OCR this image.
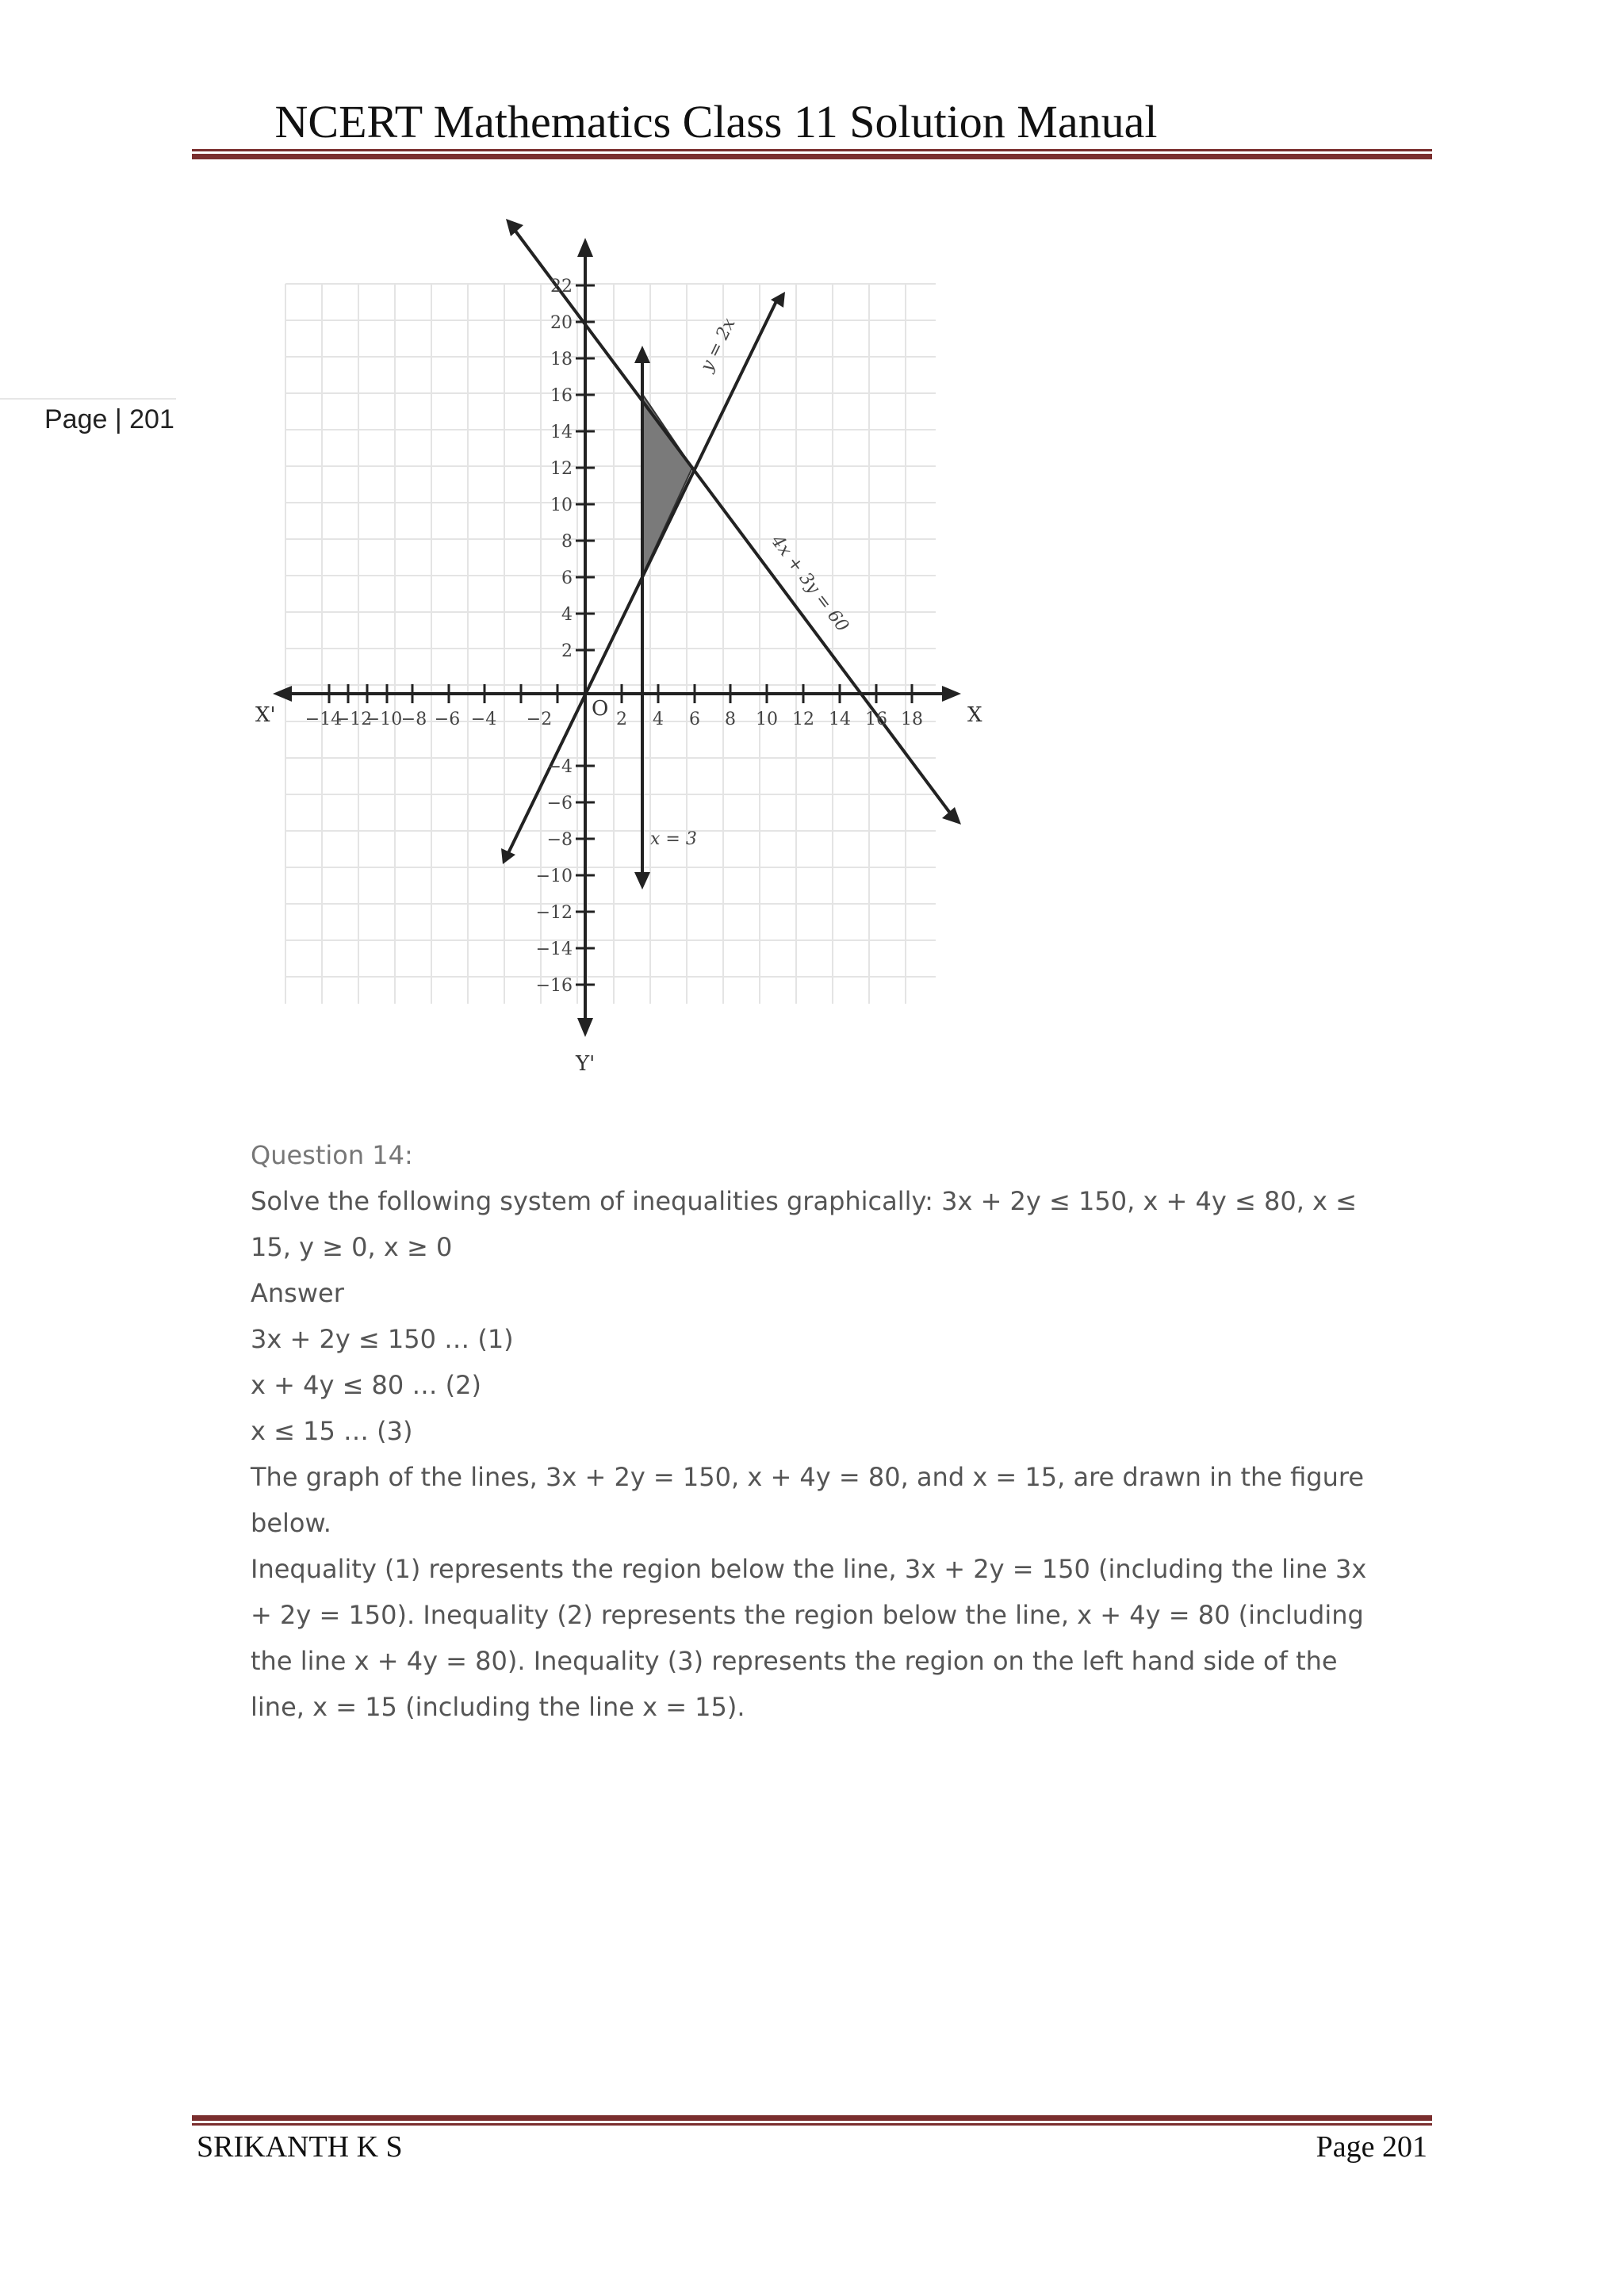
NCERT Mathematics Class 11 Solution Manual
Page | 201
y = 2x
4x + 3y = 60
x = 3
X
X'
Y'
O
−14
−12
−10
−8 −6 −4 −2	2 4 6 8 10 12 14 16 18
22
20
18
16
14
12
10
8
6
4
2
−4
−6
−8
−10
−12
−14
−16

Question 14:

Solve the following system of inequalities graphically: 3x + 2y ≤ 150, x + 4y ≤ 80, x ≤

15, y ≥ 0, x ≥ 0

Answer

3x + 2y ≤ 150 … (1)

x + 4y ≤ 80 … (2)

x ≤ 15 … (3)

The graph of the lines, 3x + 2y = 150, x + 4y = 80, and x = 15, are drawn in the figure

below.

Inequality (1) represents the region below the line, 3x + 2y = 150 (including the line 3x

+ 2y = 150). Inequality (2) represents the region below the line, x + 4y = 80 (including

the line x + 4y = 80). Inequality (3) represents the region on the left hand side of the

line, x = 15 (including the line x = 15).

SRIKANTH K S	Page 201
